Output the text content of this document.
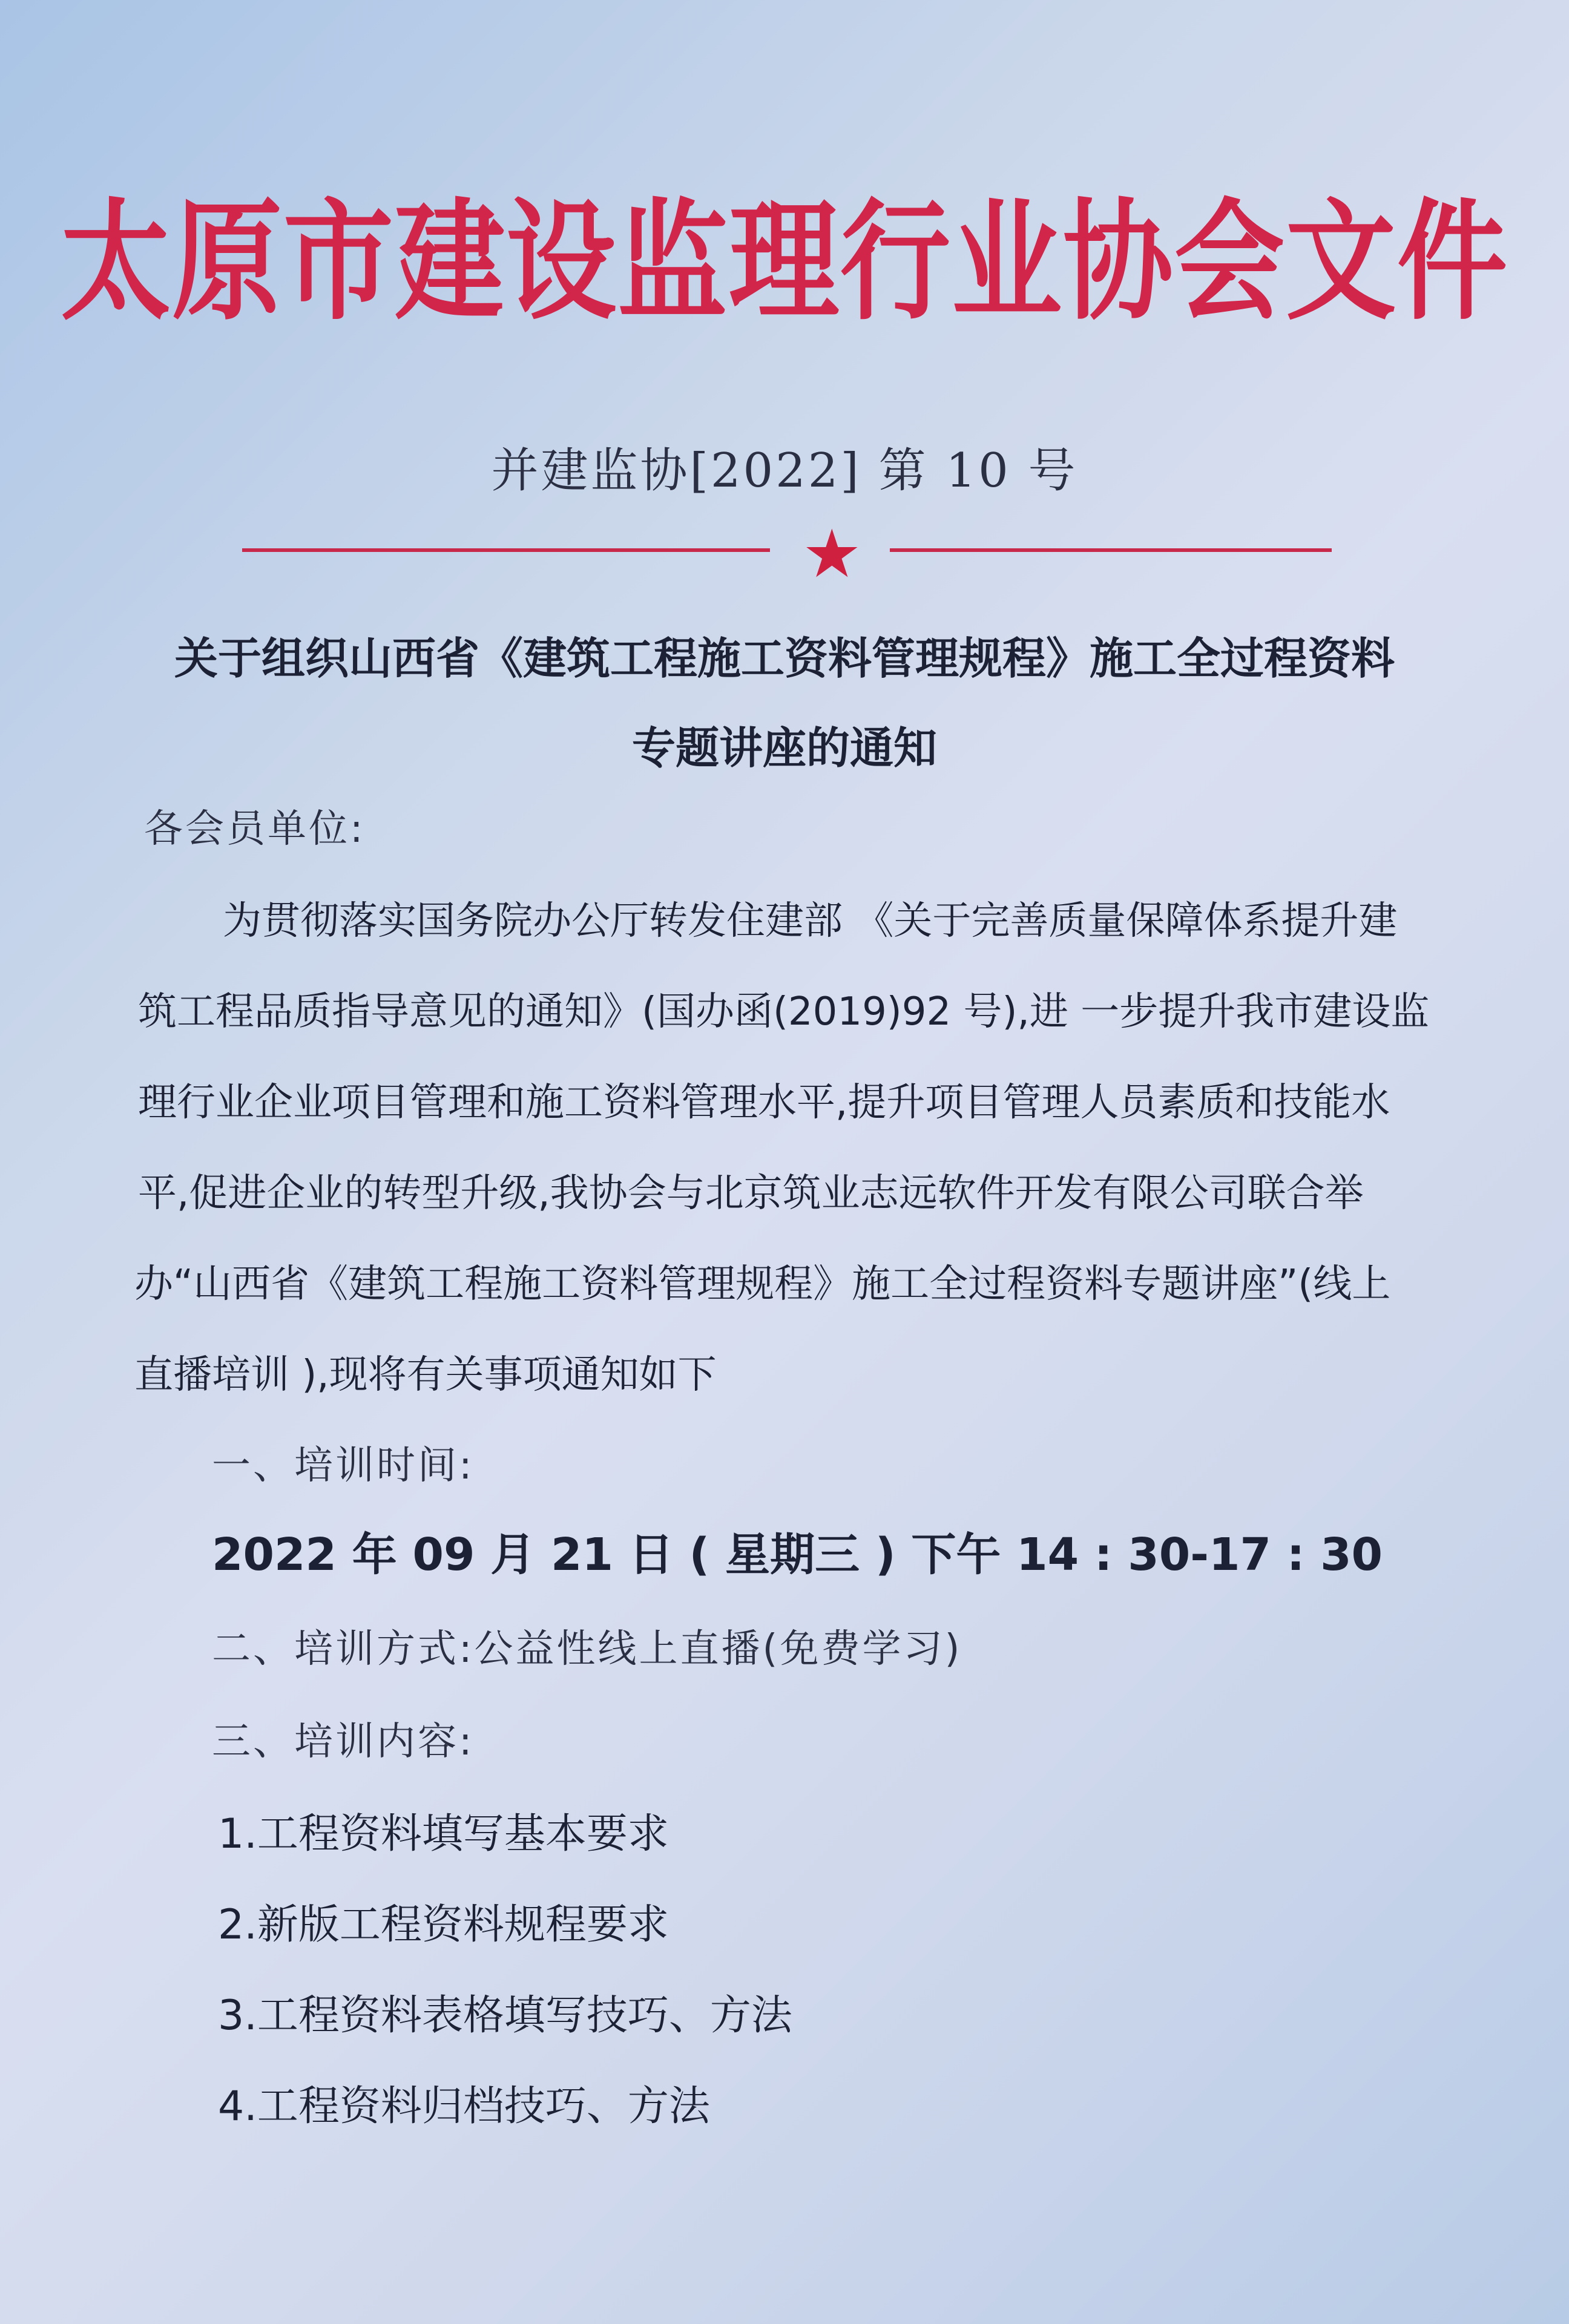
太原市建设监理行业协会文件
并建监协[2022] 第 10 号
★
关于组织山西省《建筑工程施工资料管理规程》施工全过程资料
专题讲座的通知
各会员单位:
为贯彻落实国务院办公厅转发住建部 《关于完善质量保障体系提升建
筑工程品质指导意见的通知》(国办函(2019)92 号),进 一步提升我市建设监
理行业企业项目管理和施工资料管理水平,提升项目管理人员素质和技能水
平,促进企业的转型升级,我协会与北京筑业志远软件开发有限公司联合举
办“山西省《建筑工程施工资料管理规程》施工全过程资料专题讲座”(线上
直播培训 ),现将有关事项通知如下
一、培训时间:
2022 年 09 月 21 日 ( 星期三 ) 下午 14 : 30-17 : 30
二、培训方式:公益性线上直播(免费学习)
三、培训内容:
1.工程资料填写基本要求
2.新版工程资料规程要求
3.工程资料表格填写技巧、方法
4.工程资料归档技巧、方法
